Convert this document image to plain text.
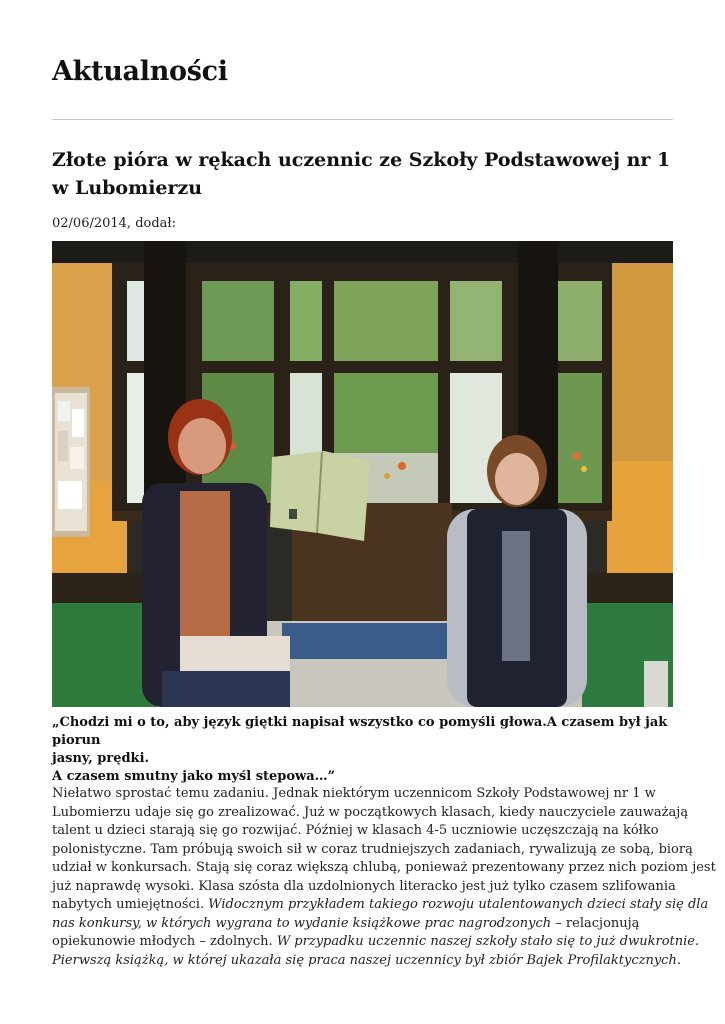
Aktualności
Złote pióra w rękach uczennic ze Szkoły Podstawowej nr 1 w Lubomierzu
02/06/2014, dodał:
„Chodzi mi o to, aby język giętki napisał wszystko co pomyśli głowa.A czasem był jak piorun
jasny, prędki.
A czasem smutny jako myśl stepowa…”
Niełatwo sprostać temu zadaniu. Jednak niektórym uczennicom Szkoły Podstawowej nr 1 w
Lubomierzu udaje się go zrealizować. Już w początkowych klasach, kiedy nauczyciele zauważają
talent u dzieci starają się go rozwijać. Później w klasach 4-5 uczniowie uczęszczają na kółko
polonistyczne. Tam próbują swoich sił w coraz trudniejszych zadaniach, rywalizują ze sobą, biorą
udział w konkursach. Stają się coraz większą chlubą, ponieważ prezentowany przez nich poziom jest
już naprawdę wysoki. Klasa szósta dla uzdolnionych literacko jest już tylko czasem szlifowania
nabytych umiejętności. Widocznym przykładem takiego rozwoju utalentowanych dzieci stały się dla
nas konkursy, w których wygrana to wydanie książkowe prac nagrodzonych – relacjonują
opiekunowie młodych – zdolnych. W przypadku uczennic naszej szkoły stało się to już dwukrotnie.
Pierwszą książką, w której ukazała się praca naszej uczennicy był zbiór Bajek Profilaktycznych.
